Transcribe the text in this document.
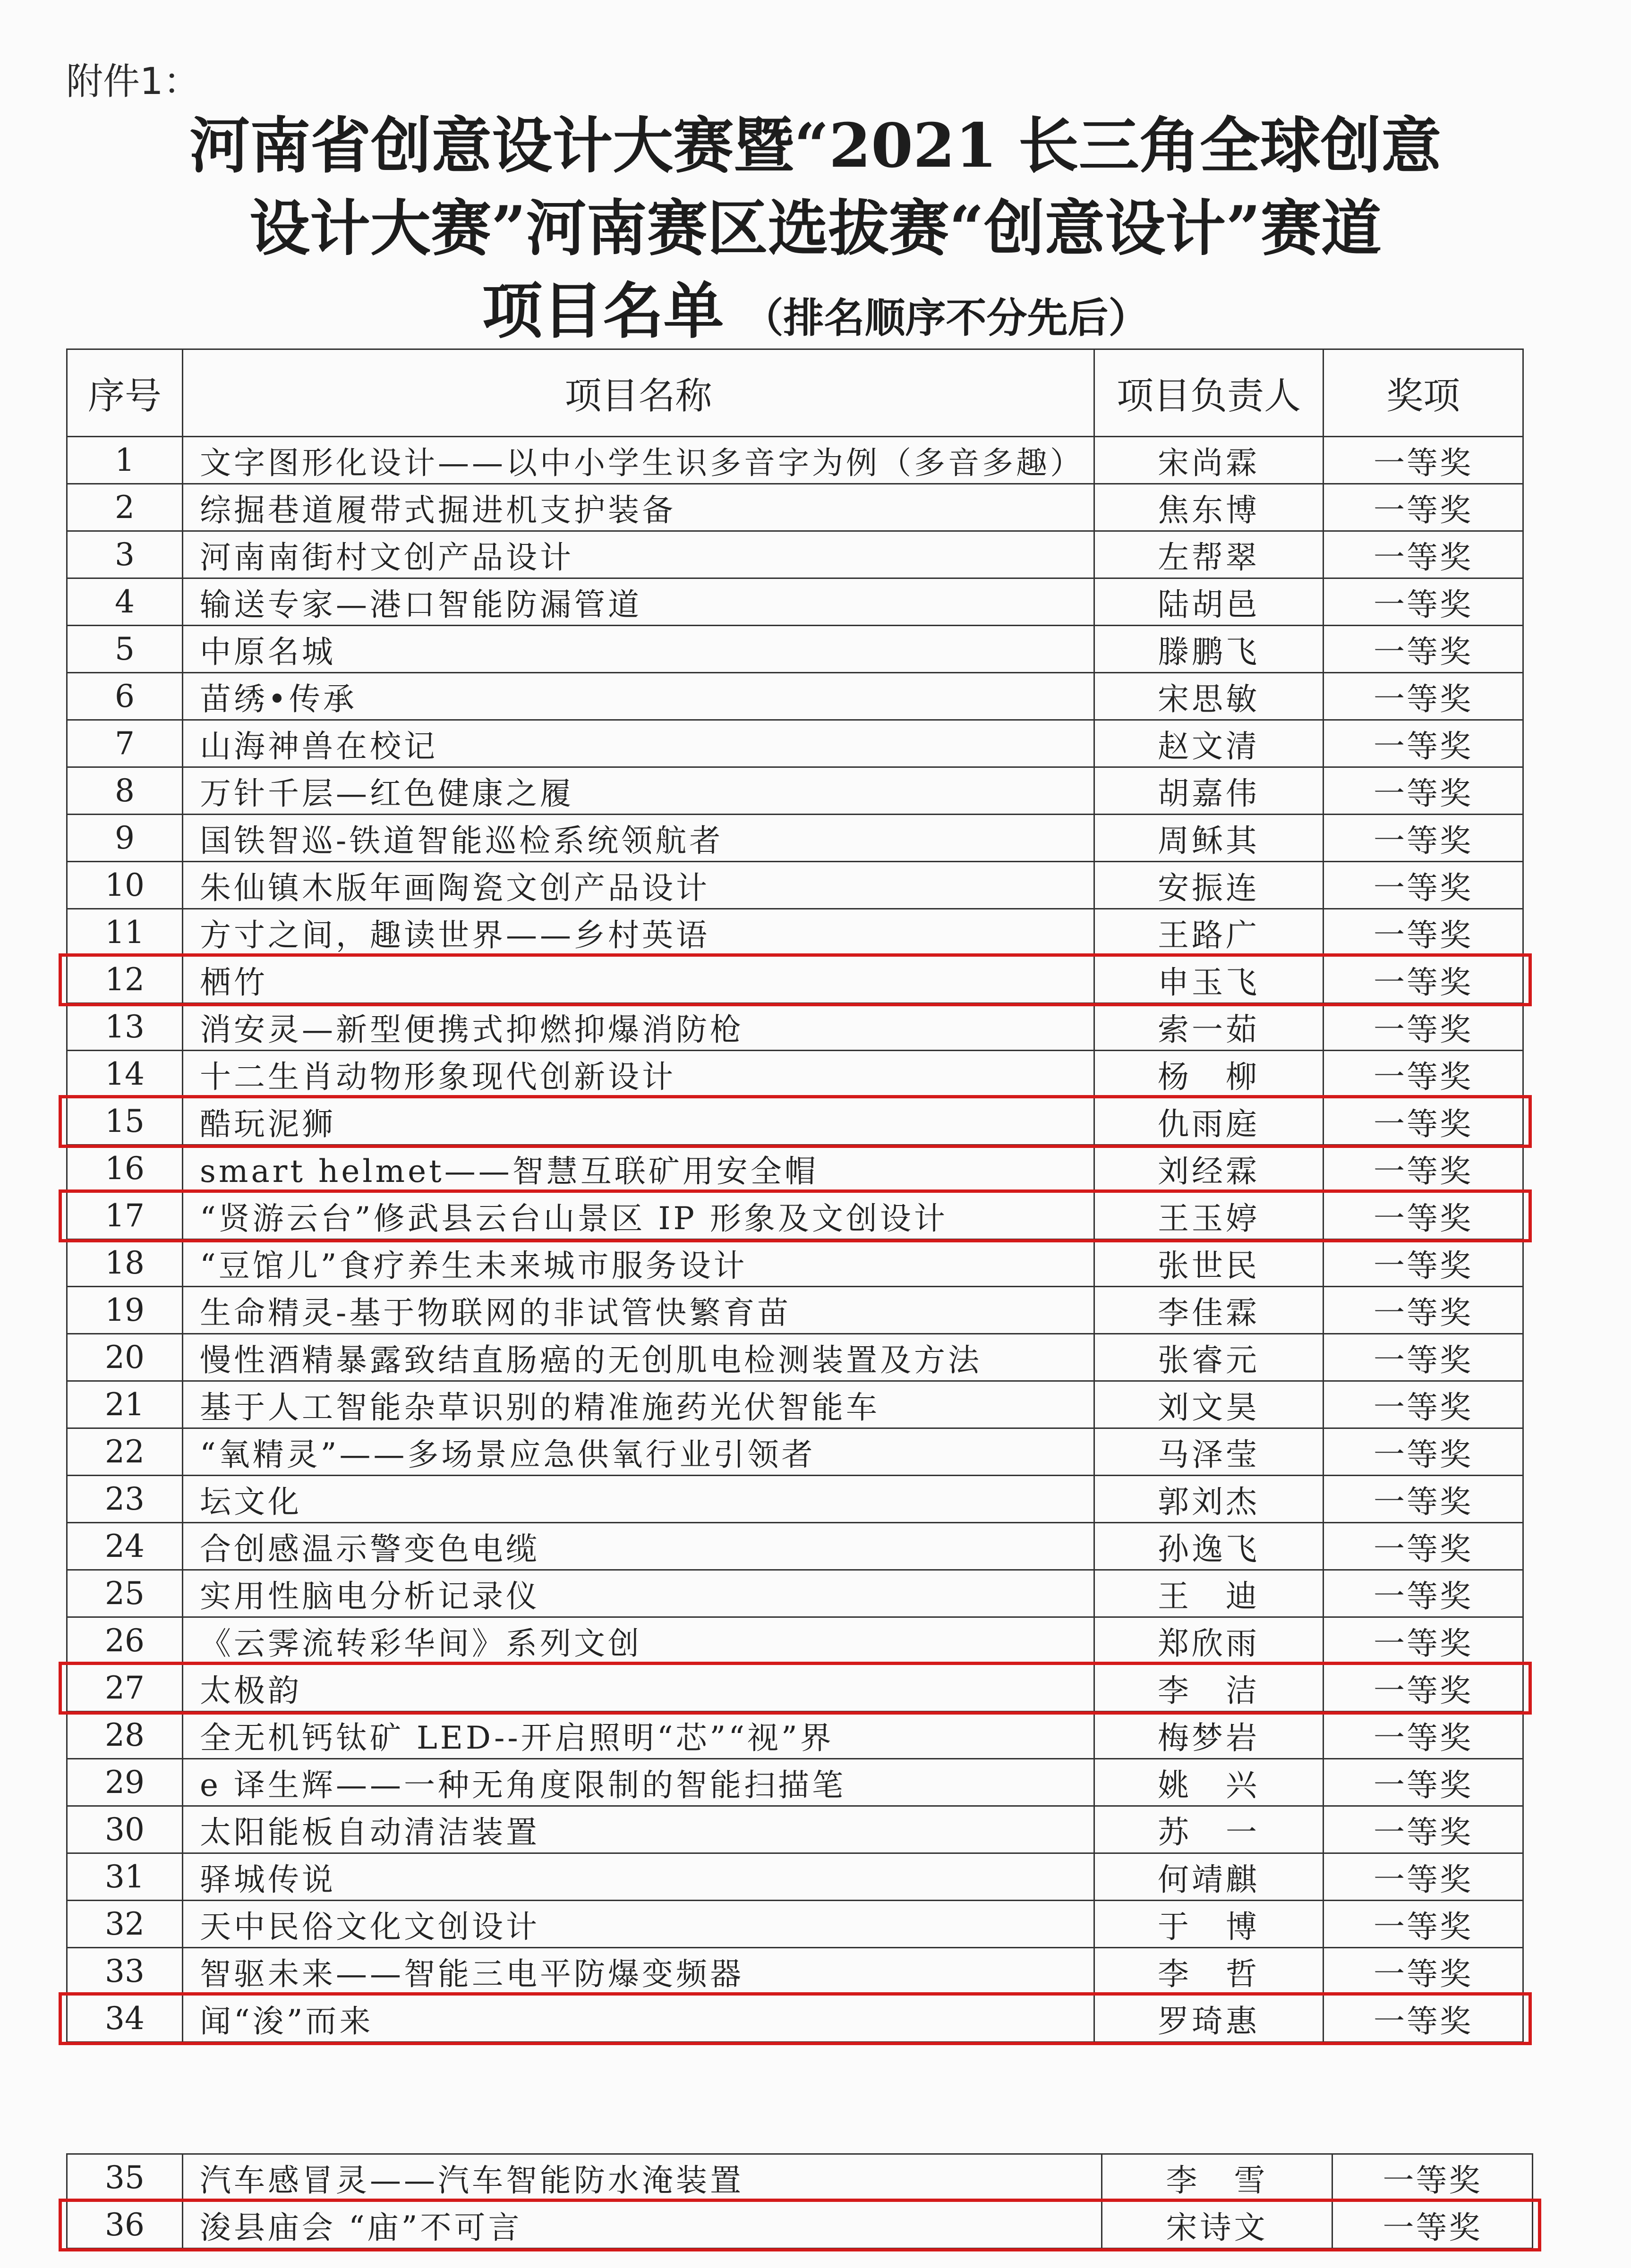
附件1：
河南省创意设计大赛暨“2021 长三角全球创意
设计大赛”河南赛区选拔赛“创意设计”赛道
项目名单 （排名顺序不分先后）
序号	项目名称	项目负责人	奖项
1	文字图形化设计——以中小学生识多音字为例（多音多趣）	宋尚霖	一等奖
2	综掘巷道履带式掘进机支护装备	焦东博	一等奖
3	河南南街村文创产品设计	左帮翠	一等奖
4	输送专家—港口智能防漏管道	陆胡邑	一等奖
5	中原名城	滕鹏飞	一等奖
6	苗绣•传承	宋思敏	一等奖
7	山海神兽在校记	赵文清	一等奖
8	万针千层—红色健康之履	胡嘉伟	一等奖
9	国铁智巡-铁道智能巡检系统领航者	周稣其	一等奖
10	朱仙镇木版年画陶瓷文创产品设计	安振连	一等奖
11	方寸之间，趣读世界——乡村英语	王路广	一等奖
12	栖竹	申玉飞	一等奖
13	消安灵—新型便携式抑燃抑爆消防枪	索一茹	一等奖
14	十二生肖动物形象现代创新设计	杨　柳	一等奖
15	酷玩泥狮	仇雨庭	一等奖
16	smart helmet——智慧互联矿用安全帽	刘经霖	一等奖
17	“贤游云台”修武县云台山景区 IP 形象及文创设计	王玉婷	一等奖
18	“豆馆儿”食疗养生未来城市服务设计	张世民	一等奖
19	生命精灵-基于物联网的非试管快繁育苗	李佳霖	一等奖
20	慢性酒精暴露致结直肠癌的无创肌电检测装置及方法	张睿元	一等奖
21	基于人工智能杂草识别的精准施药光伏智能车	刘文昊	一等奖
22	“氧精灵”——多场景应急供氧行业引领者	马泽莹	一等奖
23	坛文化	郭刘杰	一等奖
24	合创感温示警变色电缆	孙逸飞	一等奖
25	实用性脑电分析记录仪	王　迪	一等奖
26	《云霁流转彩华间》系列文创	郑欣雨	一等奖
27	太极韵	李　洁	一等奖
28	全无机钙钛矿 LED--开启照明“芯”“视”界	梅梦岩	一等奖
29	e 译生辉——一种无角度限制的智能扫描笔	姚　兴	一等奖
30	太阳能板自动清洁装置	苏　一	一等奖
31	驿城传说	何靖麒	一等奖
32	天中民俗文化文创设计	于　博	一等奖
33	智驱未来——智能三电平防爆变频器	李　哲	一等奖
34	闻“浚”而来	罗琦惠	一等奖
35	汽车感冒灵——汽车智能防水淹装置	李　雪	一等奖
36	浚县庙会 “庙”不可言	宋诗文	一等奖
